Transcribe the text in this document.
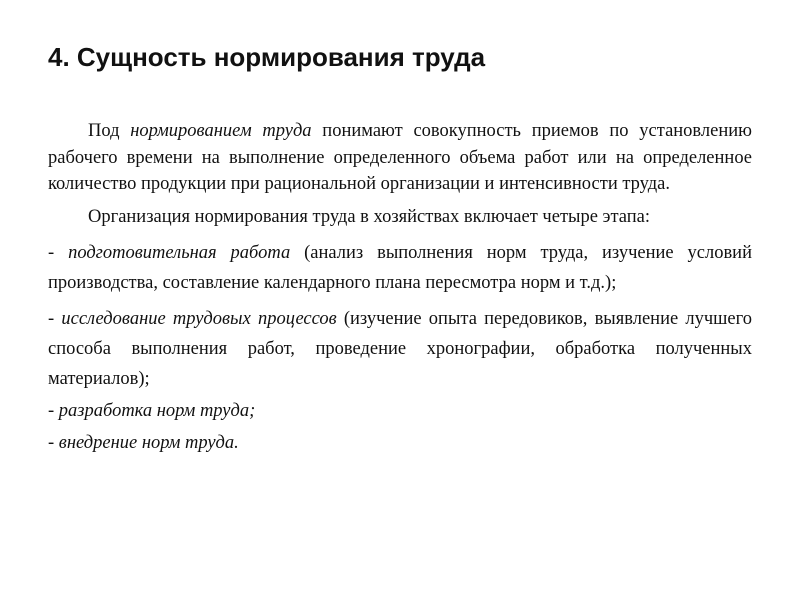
4. Сущность нормирования труда

Под нормированием труда понимают совокупность приемов по установлению рабочего времени на выполнение определенного объема работ или на определенное количество продукции при рациональной организации и интенсивности труда.

Организация нормирования труда в хозяйствах включает четыре этапа:

- подготовительная работа (анализ выполнения норм труда, изучение условий производства, составление календарного плана пересмотра норм и т.д.);

- исследование трудовых процессов (изучение опыта передовиков, выявление лучшего способа выполнения работ, проведение хронографии, обработка полученных материалов);

- разработка норм труда;

- внедрение норм труда.
